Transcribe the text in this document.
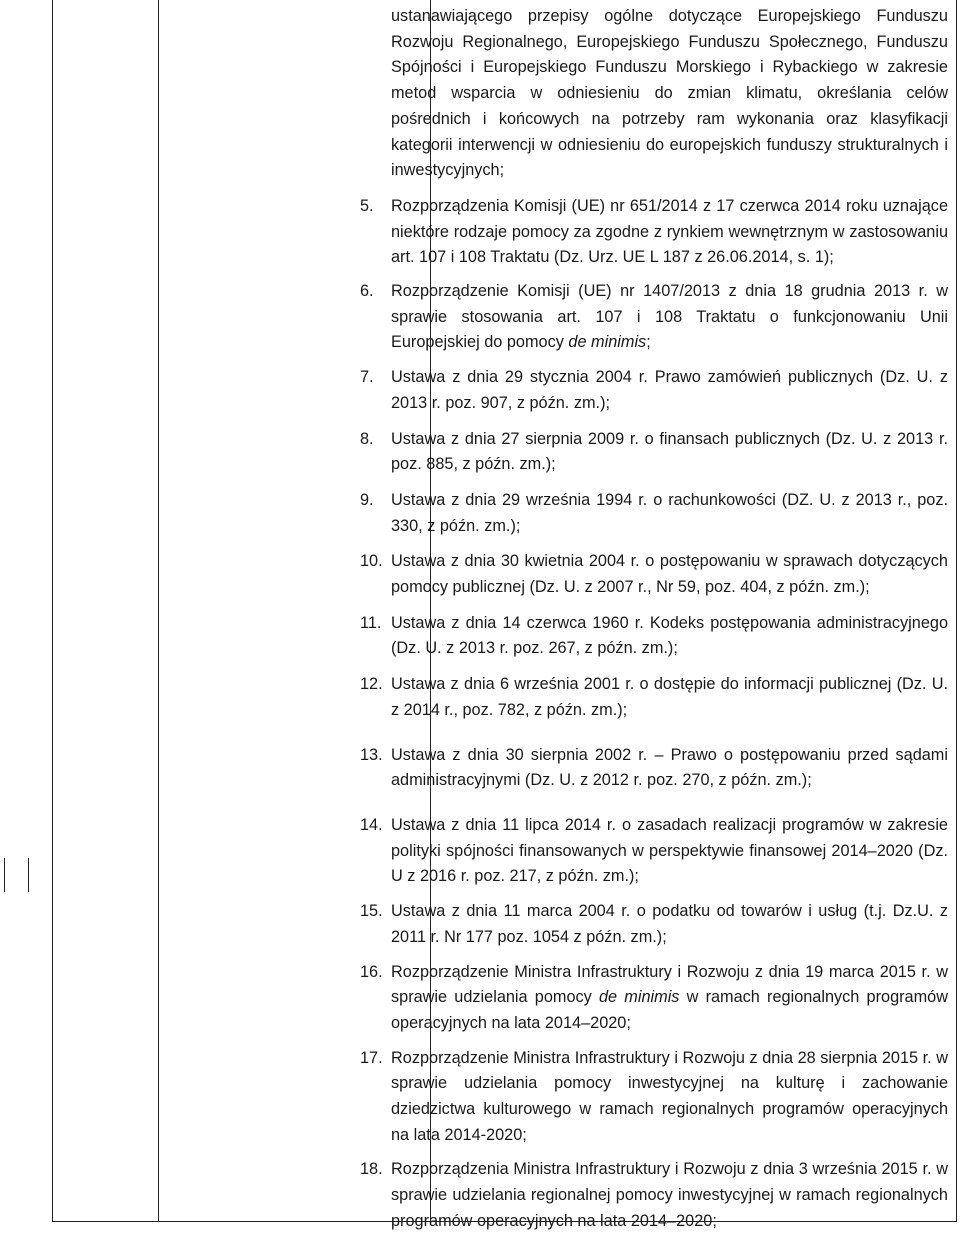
ustanawiającego przepisy ogólne dotyczące Europejskiego Funduszu Rozwoju Regionalnego, Europejskiego Funduszu Społecznego, Funduszu Spójności i Europejskiego Funduszu Morskiego i Rybackiego w zakresie metod wsparcia w odniesieniu do zmian klimatu, określania celów pośrednich i końcowych na potrzeby ram wykonania oraz klasyfikacji kategorii interwencji w odniesieniu do europejskich funduszy strukturalnych i inwestycyjnych;

5. Rozporządzenia Komisji (UE) nr 651/2014 z 17 czerwca 2014 roku uznające niektóre rodzaje pomocy za zgodne z rynkiem wewnętrznym w zastosowaniu art. 107 i 108 Traktatu (Dz. Urz. UE L 187 z 26.06.2014, s. 1);
6. Rozporządzenie Komisji (UE) nr 1407/2013 z dnia 18 grudnia 2013 r. w sprawie stosowania art. 107 i 108 Traktatu o funkcjonowaniu Unii Europejskiej do pomocy de minimis;
7. Ustawa z dnia 29 stycznia 2004 r. Prawo zamówień publicznych (Dz. U. z 2013 r. poz. 907, z późn. zm.);
8. Ustawa z dnia 27 sierpnia 2009 r. o finansach publicznych (Dz. U. z 2013 r. poz. 885, z późn. zm.);
9. Ustawa z dnia 29 września 1994 r. o rachunkowości (DZ. U. z 2013 r., poz. 330, z późn. zm.);
10. Ustawa z dnia 30 kwietnia 2004 r. o postępowaniu w sprawach dotyczących pomocy publicznej (Dz. U. z 2007 r., Nr 59, poz. 404, z późn. zm.);
11. Ustawa z dnia 14 czerwca 1960 r. Kodeks postępowania administracyjnego (Dz. U. z 2013 r. poz. 267, z późn. zm.);
12. Ustawa z dnia 6 września 2001 r. o dostępie do informacji publicznej (Dz. U. z 2014 r., poz. 782, z późn. zm.);
13. Ustawa z dnia 30 sierpnia 2002 r. – Prawo o postępowaniu przed sądami administracyjnymi (Dz. U. z 2012 r. poz. 270, z późn. zm.);
14. Ustawa z dnia 11 lipca 2014 r. o zasadach realizacji programów w zakresie polityki spójności finansowanych w perspektywie finansowej 2014–2020 (Dz. U z 2016 r. poz. 217, z późn. zm.);
15. Ustawa z dnia 11 marca 2004 r. o podatku od towarów i usług (t.j. Dz.U. z 2011 r. Nr 177 poz. 1054 z późn. zm.);
16. Rozporządzenie Ministra Infrastruktury i Rozwoju z dnia 19 marca 2015 r. w sprawie udzielania pomocy de minimis w ramach regionalnych programów operacyjnych na lata 2014–2020;
17. Rozporządzenie Ministra Infrastruktury i Rozwoju z dnia 28 sierpnia 2015 r. w sprawie udzielania pomocy inwestycyjnej na kulturę i zachowanie dziedzictwa kulturowego w ramach regionalnych programów operacyjnych na lata 2014-2020;
18. Rozporządzenia Ministra Infrastruktury i Rozwoju z dnia 3 września 2015 r. w sprawie udzielania regionalnej pomocy inwestycyjnej w ramach regionalnych programów operacyjnych na lata 2014–2020;
